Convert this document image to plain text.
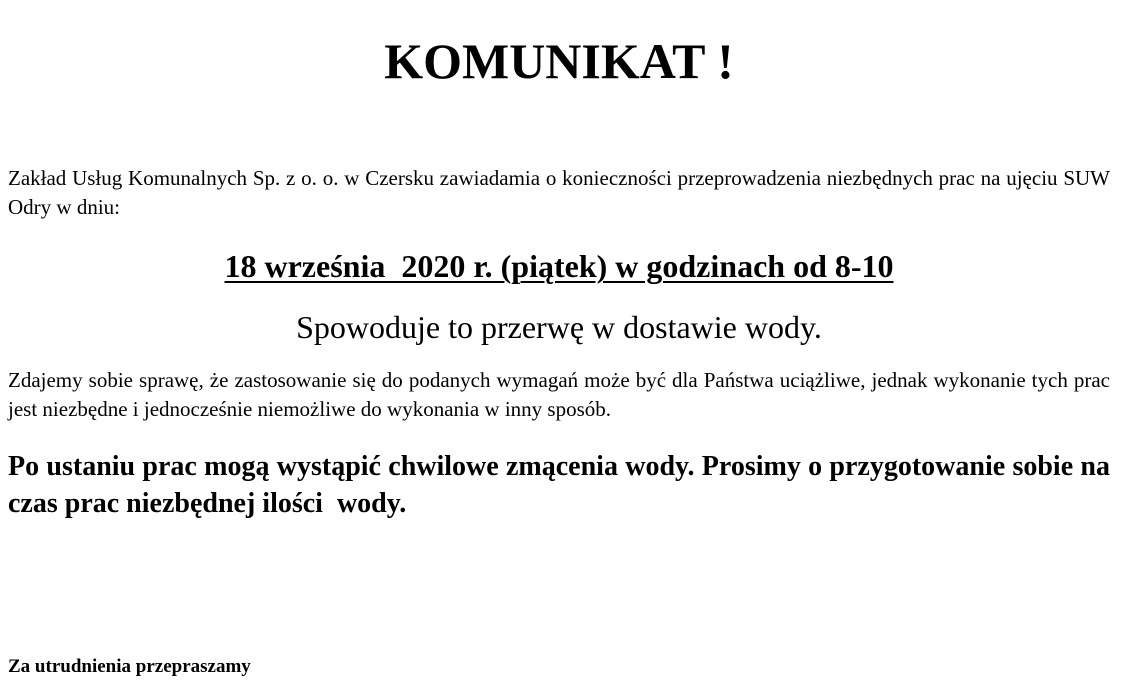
KOMUNIKAT !

Zakład Usług Komunalnych Sp. z o. o. w Czersku zawiadamia o konieczności przeprowadzenia niezbędnych prac na ujęciu SUW Odry w dniu:

18 września  2020 r. (piątek) w godzinach od 8-10

Spowoduje to przerwę w dostawie wody.

Zdajemy sobie sprawę, że zastosowanie się do podanych wymagań może być dla Państwa uciążliwe, jednak wykonanie tych prac jest niezbędne i jednocześnie niemożliwe do wykonania w inny sposób.

Po ustaniu prac mogą wystąpić chwilowe zmącenia wody. Prosimy o przygotowanie sobie na czas prac niezbędnej ilości  wody.

Za utrudnienia przepraszamy
